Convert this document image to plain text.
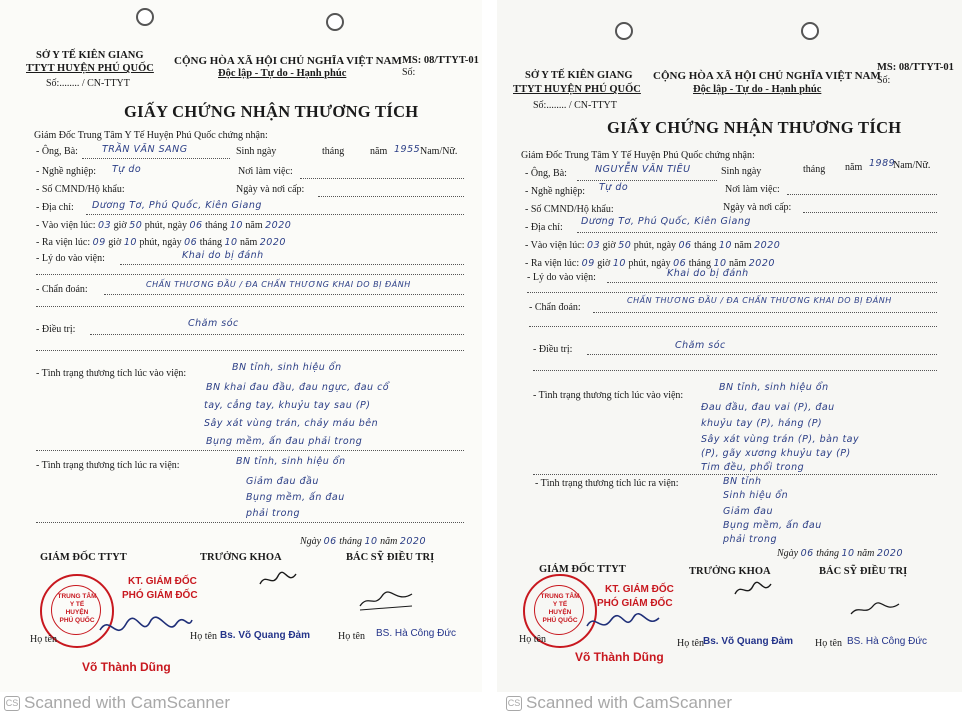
SỞ Y TẾ KIÊN GIANG
TTYT HUYỆN PHÚ QUỐC
Số:........ / CN-TTYT
CỘNG HÒA XÃ HỘI CHỦ NGHĨA VIỆT NAM
Độc lập - Tự do - Hạnh phúc
MS: 08/TTYT-01
Số:
GIẤY CHỨNG NHẬN THƯƠNG TÍCH
Giám Đốc Trung Tâm Y Tế Huyện Phú Quốc chứng nhận:
- Ông, Bà:	TRẦN VĂN SANG	Sinh ngày	tháng	năm 1955 Nam/Nữ.
- Nghề nghiệp: Tự do	Nơi làm việc:
- Số CMND/Hộ khẩu:	Ngày và nơi cấp:
- Địa chỉ: Dương Tơ, Phú Quốc, Kiên Giang
- Vào viện lúc: 03 giờ 50 phút, ngày 06 tháng 10 năm 2020
- Ra viện lúc: 09 giờ 10 phút, ngày 06 tháng 10 năm 2020
- Lý do vào viện:	Khai do bị đánh
- Chẩn đoán:	CHẤN THƯƠNG ĐẦU / ĐA CHẤN THƯƠNG KHAI DO BỊ ĐÁNH
- Điều trị:
Chăm sóc
- Tình trạng thương tích lúc vào viện:
BN tỉnh, sinh hiệu ổn
BN khai đau đầu, đau ngực, đau cổ
tay, cẳng tay, khuỷu tay sau (P)
Sây xát vùng trán, chảy máu bên
Bụng mềm, ấn đau phải trong
- Tình trạng thương tích lúc ra viện:	BN tỉnh, sinh hiệu ổn
Giảm đau đầu
Bụng mềm, ấn đau
phải trong
Ngày 06 tháng 10 năm 2020
GIÁM ĐỐC TTYT	TRƯỞNG KHOA	BÁC SỸ ĐIỀU TRỊ
KT. GIÁM ĐỐC
PHÓ GIÁM ĐỐC
TRUNG TÂM
Y TẾ
HUYỆN
PHÚ QUỐC
Họ tên	Họ tên Bs. Võ Quang Đảm	Họ tên BS. Hà Công Đức
Võ Thành Dũng
SỞ Y TẾ KIÊN GIANG
TTYT HUYỆN PHÚ QUỐC
Số:........ / CN-TTYT
CỘNG HÒA XÃ HỘI CHỦ NGHĨA VIỆT NAM
Độc lập - Tự do - Hạnh phúc
MS: 08/TTYT-01
Số:
GIẤY CHỨNG NHẬN THƯƠNG TÍCH
Giám Đốc Trung Tâm Y Tế Huyện Phú Quốc chứng nhận:
- Ông, Bà:	NGUYỄN VĂN TIÊU	Sinh ngày	tháng năm 1989
Nam/Nữ.
- Nghề nghiệp: Tự do	Nơi làm việc:
- Số CMND/Hộ khẩu:	Ngày và nơi cấp:
- Địa chỉ:
Dương Tơ, Phú Quốc, Kiên Giang
- Vào viện lúc: 03 giờ 50 phút, ngày 06 tháng 10 năm 2020
- Ra viện lúc: 09 giờ 10 phút, ngày 06 tháng 10 năm 2020
- Lý do vào viện:	Khai do bị đánh
- Chẩn đoán:
CHẤN THƯƠNG ĐẦU / ĐA CHẤN THƯƠNG KHAI DO BỊ ĐÁNH
- Điều trị:	Chăm sóc
- Tình trạng thương tích lúc vào viện:
BN tỉnh, sinh hiệu ổn
Đau đầu, đau vai (P), đau
khuỷu tay (P), háng (P)
Sây xát vùng trán (P), bàn tay
(P), gãy xương khuỷu tay (P)
Tim đều, phổi trong
- Tình trạng thương tích lúc ra viện:	BN tỉnh
Sinh hiệu ổn
Giảm đau
Bụng mềm, ấn đau
phải trong
Ngày 06 tháng 10 năm 2020
GIÁM ĐỐC TTYT	TRƯỞNG KHOA	BÁC SỸ ĐIỀU TRỊ
KT. GIÁM ĐỐC
PHÓ GIÁM ĐỐC
TRUNG TÂM
Y TẾ
HUYỆN
PHÚ QUỐC
Họ tên	Họ tên Bs. Võ Quang Đảm Họ tên BS. Hà Công Đức
Võ Thành Dũng
CS Scanned with CamScanner	CS Scanned with CamScanner
